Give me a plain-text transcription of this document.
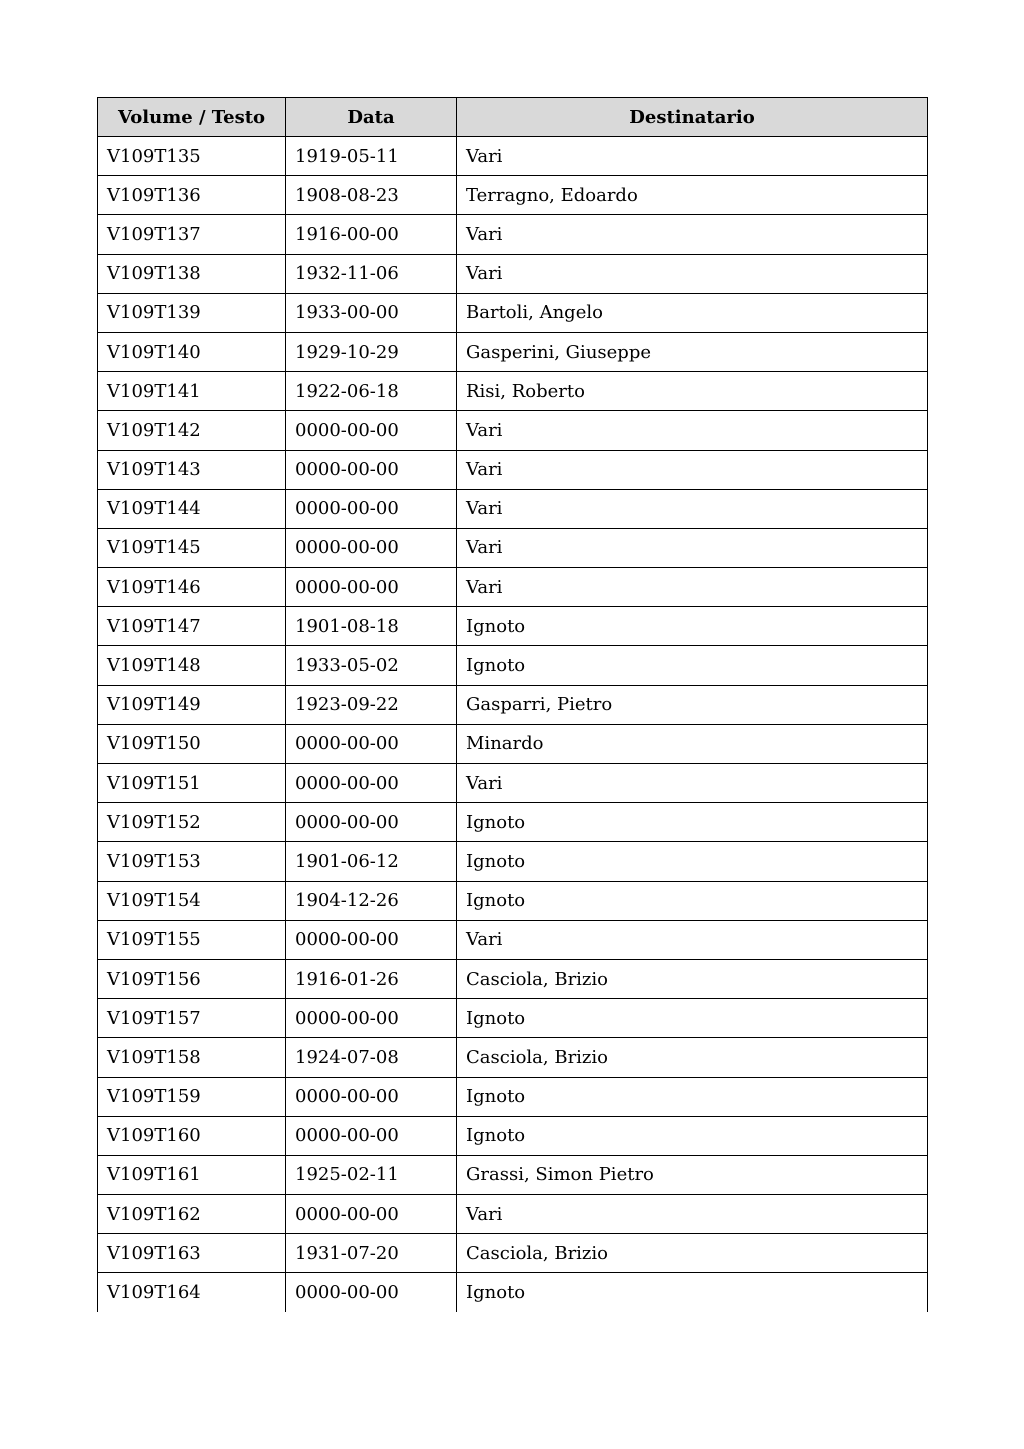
Volume / Testo	Data	Destinatario
V109T135	1919-05-11	Vari
V109T136	1908-08-23	Terragno, Edoardo
V109T137	1916-00-00	Vari
V109T138	1932-11-06	Vari
V109T139	1933-00-00	Bartoli, Angelo
V109T140	1929-10-29	Gasperini, Giuseppe
V109T141	1922-06-18	Risi, Roberto
V109T142	0000-00-00	Vari
V109T143	0000-00-00	Vari
V109T144	0000-00-00	Vari
V109T145	0000-00-00	Vari
V109T146	0000-00-00	Vari
V109T147	1901-08-18	Ignoto
V109T148	1933-05-02	Ignoto
V109T149	1923-09-22	Gasparri, Pietro
V109T150	0000-00-00	Minardo
V109T151	0000-00-00	Vari
V109T152	0000-00-00	Ignoto
V109T153	1901-06-12	Ignoto
V109T154	1904-12-26	Ignoto
V109T155	0000-00-00	Vari
V109T156	1916-01-26	Casciola, Brizio
V109T157	0000-00-00	Ignoto
V109T158	1924-07-08	Casciola, Brizio
V109T159	0000-00-00	Ignoto
V109T160	0000-00-00	Ignoto
V109T161	1925-02-11	Grassi, Simon Pietro
V109T162	0000-00-00	Vari
V109T163	1931-07-20	Casciola, Brizio
V109T164	0000-00-00	Ignoto
